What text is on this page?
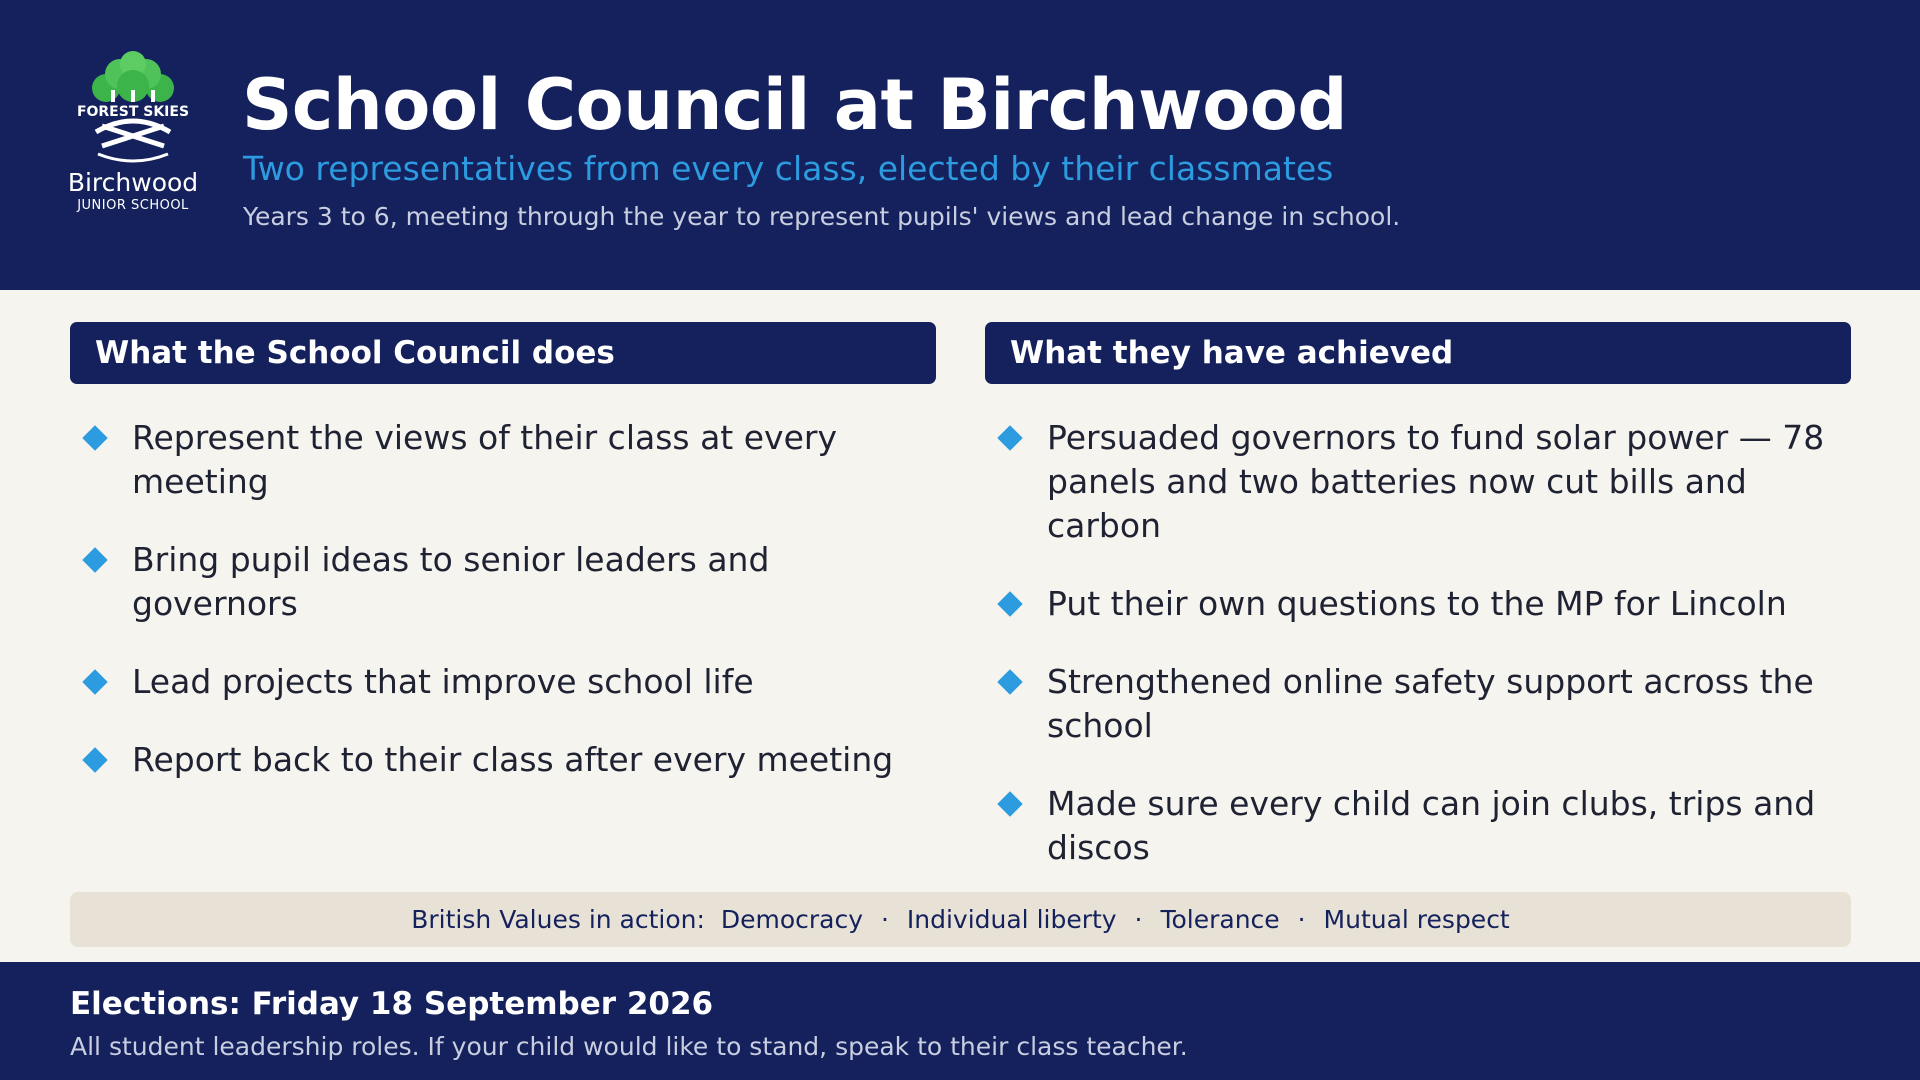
FOREST SKIES
Birchwood
JUNIOR SCHOOL
School Council at Birchwood
Two representatives from every class, elected by their classmates
Years 3 to 6, meeting through the year to represent pupils' views and lead change in school.
What the School Council does
Represent the views of their class at every meeting
Bring pupil ideas to senior leaders and governors
Lead projects that improve school life
Report back to their class after every meeting
What they have achieved
Persuaded governors to fund solar power — 78 panels and two batteries now cut bills and carbon
Put their own questions to the MP for Lincoln
Strengthened online safety support across the school
Made sure every child can join clubs, trips and discos
British Values in action: Democracy · Individual liberty · Tolerance · Mutual respect
Elections: Friday 18 September 2026
All student leadership roles. If your child would like to stand, speak to their class teacher.
